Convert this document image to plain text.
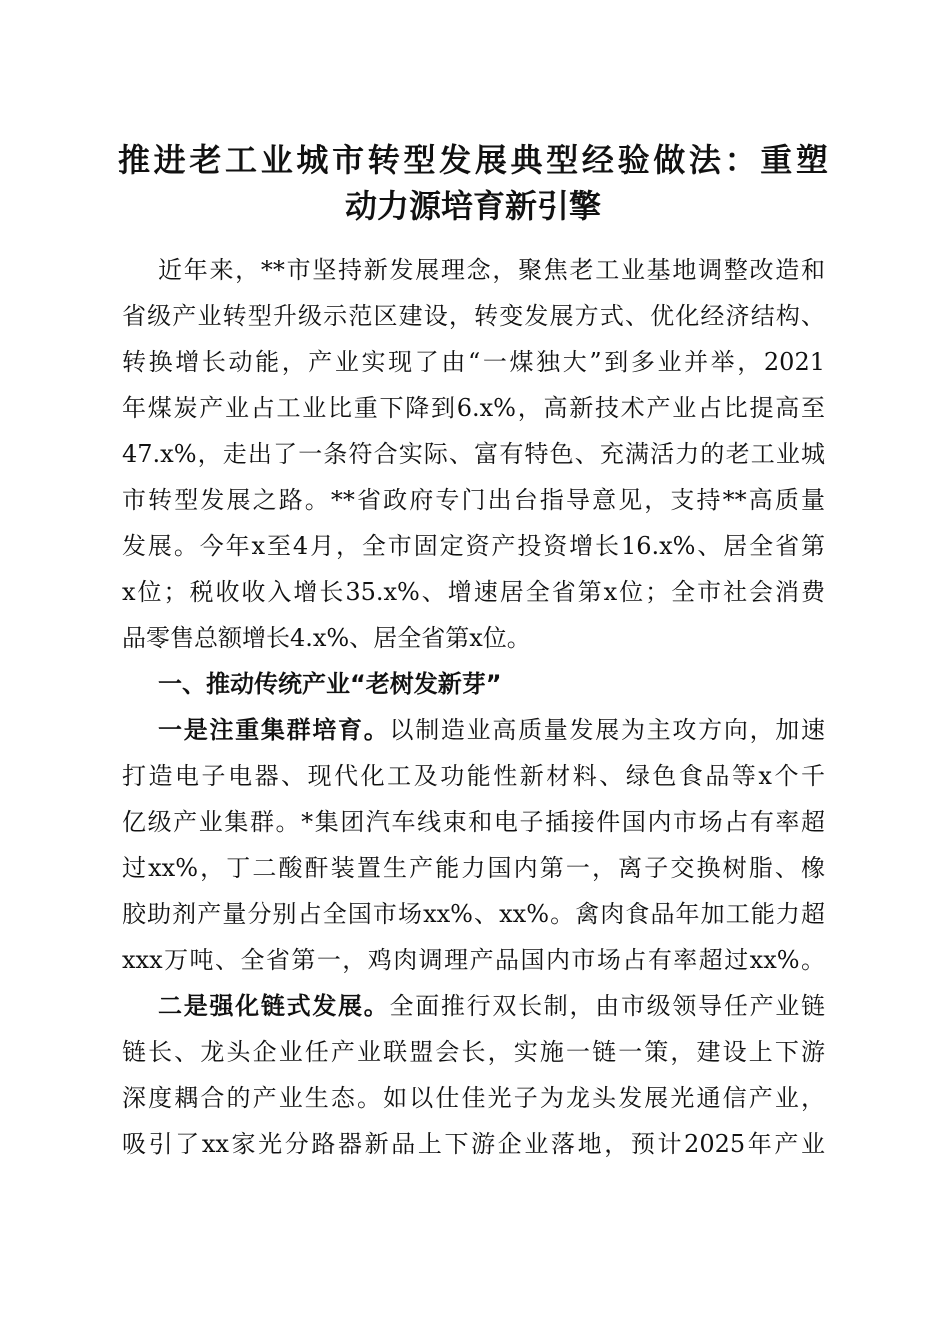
推进老工业城市转型发展典型经验做法：重塑
动力源培育新引擎
近年来，**市坚持新发展理念，聚焦老工业基地调整改造和
省级产业转型升级示范区建设，转变发展方式、优化经济结构、
转换增长动能，产业实现了由“一煤独大”到多业并举，2021
年煤炭产业占工业比重下降到6.x%，高新技术产业占比提高至
47.x%，走出了一条符合实际、富有特色、充满活力的老工业城
市转型发展之路。**省政府专门出台指导意见，支持**高质量
发展。今年x至4月，全市固定资产投资增长16.x%、居全省第
x位；税收收入增长35.x%、增速居全省第x位；全市社会消费
品零售总额增长4.x%、居全省第x位。
一、推动传统产业“老树发新芽”
一是注重集群培育。以制造业高质量发展为主攻方向，加速
打造电子电器、现代化工及功能性新材料、绿色食品等x个千
亿级产业集群。*集团汽车线束和电子插接件国内市场占有率超
过xx%，丁二酸酐装置生产能力国内第一，离子交换树脂、橡
胶助剂产量分别占全国市场xx%、xx%。禽肉食品年加工能力超
xxx万吨、全省第一，鸡肉调理产品国内市场占有率超过xx%。
二是强化链式发展。全面推行双长制，由市级领导任产业链
链长、龙头企业任产业联盟会长，实施一链一策，建设上下游
深度耦合的产业生态。如以仕佳光子为龙头发展光通信产业，
吸引了xx家光分路器新品上下游企业落地，预计2025年产业
